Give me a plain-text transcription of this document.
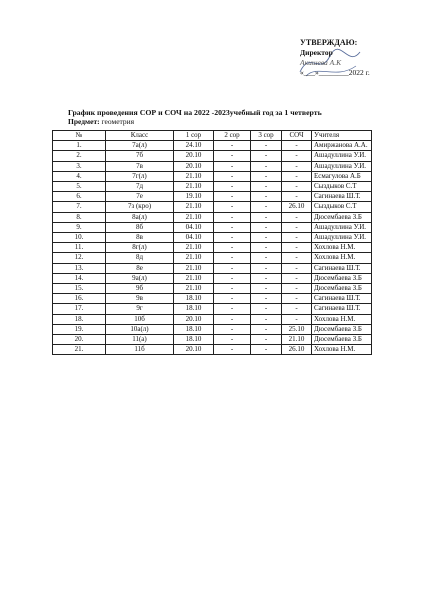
УТВЕРЖДАЮ:
Директор
Акишева А.К
«___»________2022 г.
График проведения СОР и СОЧ на 2022 -2023учебный год за 1 четверть
Предмет: геометрия
№	Класс	1 сор	2 сор	3 сор	СОЧ	Учителя
1.	7а(л)	24.10	-	-	-	Амиржанова А.А.
2.	7б	20.10	-	-	-	Ашадуллина У.И.
3.	7в	20.10	-	-	-	Ашадуллина У.И.
4.	7г(л)	21.10	-	-	-	Есмагулова А.Б
5.	7д	21.10	-	-	-	Сыздыков С.Т
6.	7е	19.10	-	-	-	Сагинаева Ш.Т.
7.	7з (кро)	21.10	-	-	26.10	Сыздыков С.Т
8.	8а(л)	21.10	-	-	-	Дюсембаева З.Б
9.	8б	04.10	-	-	-	Ашадуллина У.И.
10.	8в	04.10	-	-	-	Ашадуллина У.И.
11.	8г(л)	21.10	-	-	-	Хохлова Н.М.
12.	8д	21.10	-	-	-	Хохлова Н.М.
13.	8е	21.10	-	-	-	Сагинаева Ш.Т.
14.	9а(л)	21.10	-	-	-	Дюсембаева З.Б
15.	9б	21.10	-	-	-	Дюсембаева З.Б
16.	9в	18.10	-	-	-	Сагинаева Ш.Т.
17.	9г	18.10	-	-	-	Сагинаева Ш.Т.
18.	10б	20.10	-	-	-	Хохлова Н.М.
19.	10а(л)	18.10	-	-	25.10	Дюсембаева З.Б
20.	11(а)	18.10	-	-	21.10	Дюсембаева З.Б
21.	11б	20.10	-	-	26.10	Хохлова Н.М.
